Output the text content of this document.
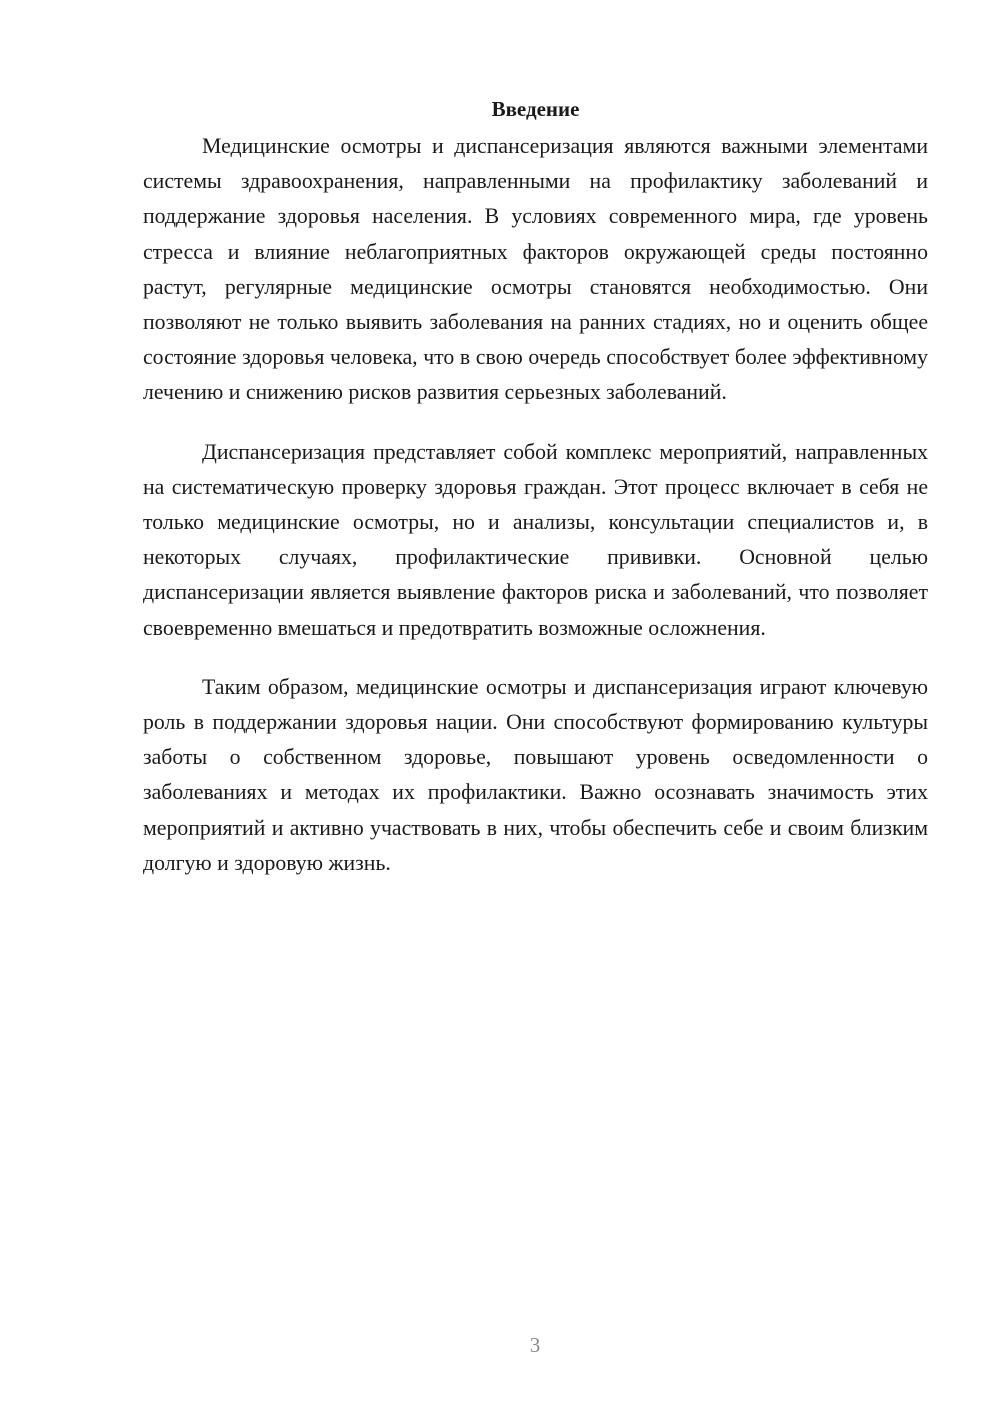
Введение

Медицинские осмотры и диспансеризация являются важными элементами системы здравоохранения, направленными на профилактику заболеваний и поддержание здоровья населения. В условиях современного мира, где уровень стресса и влияние неблагоприятных факторов окружающей среды постоянно растут, регулярные медицинские осмотры становятся необходимостью. Они позволяют не только выявить заболевания на ранних стадиях, но и оценить общее состояние здоровья человека, что в свою очередь способствует более эффективному лечению и снижению рисков развития серьезных заболеваний.

Диспансеризация представляет собой комплекс мероприятий, направленных на систематическую проверку здоровья граждан. Этот процесс включает в себя не только медицинские осмотры, но и анализы, консультации специалистов и, в некоторых случаях, профилактические прививки. Основной целью диспансеризации является выявление факторов риска и заболеваний, что позволяет своевременно вмешаться и предотвратить возможные осложнения.

Таким образом, медицинские осмотры и диспансеризация играют ключевую роль в поддержании здоровья нации. Они способствуют формированию культуры заботы о собственном здоровье, повышают уровень осведомленности о заболеваниях и методах их профилактики. Важно осознавать значимость этих мероприятий и активно участвовать в них, чтобы обеспечить себе и своим близким долгую и здоровую жизнь.

3
